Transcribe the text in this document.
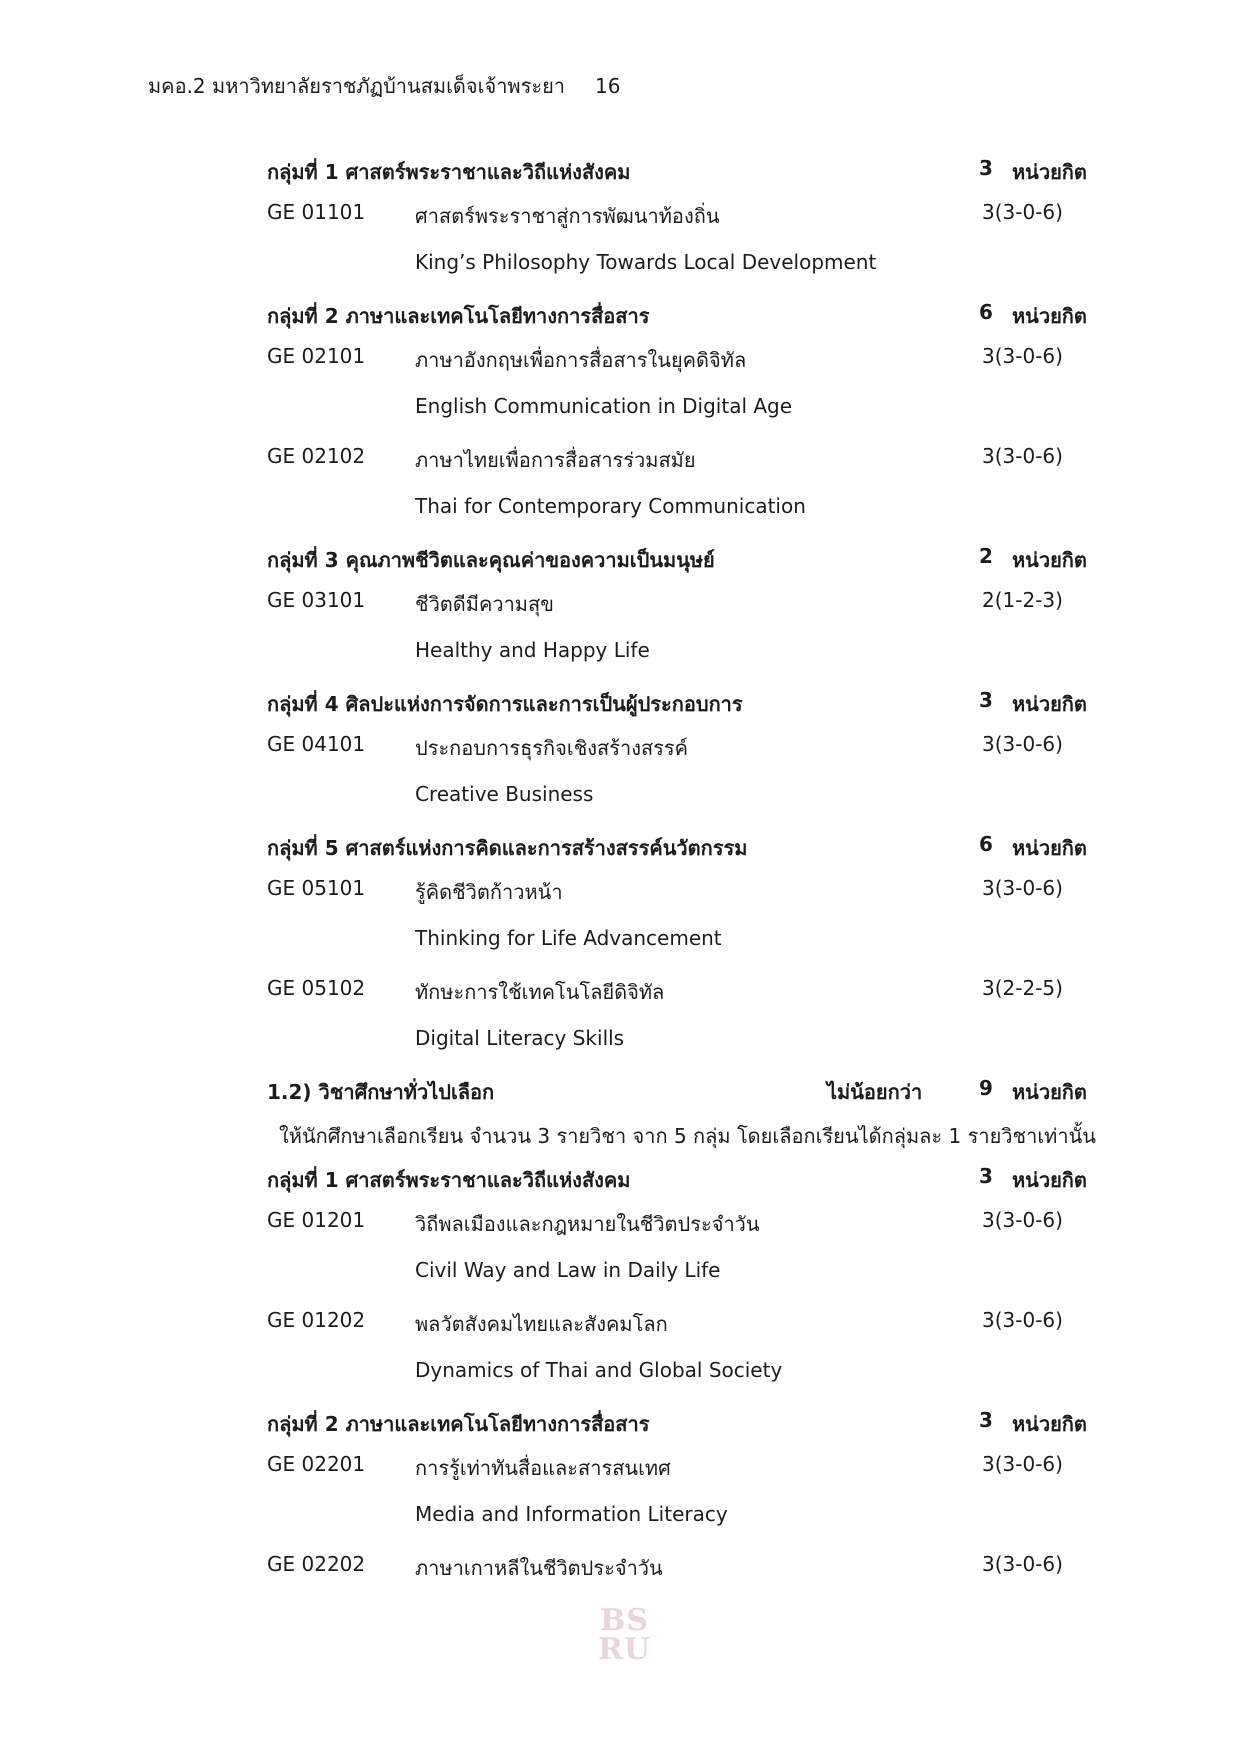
มคอ.2 มหาวิทยาลัยราชภัฏบ้านสมเด็จเจ้าพระยา 16
กลุ่มที่ 1 ศาสตร์พระราชาและวิถีแห่งสังคม	3 หน่วยกิต
GE 01101 ศาสตร์พระราชาสู่การพัฒนาท้องถิ่น	3(3-0-6)
King’s Philosophy Towards Local Development
กลุ่มที่ 2 ภาษาและเทคโนโลยีทางการสื่อสาร	6 หน่วยกิต
GE 02101 ภาษาอังกฤษเพื่อการสื่อสารในยุคดิจิทัล	3(3-0-6)
English Communication in Digital Age
GE 02102 ภาษาไทยเพื่อการสื่อสารร่วมสมัย	3(3-0-6)
Thai for Contemporary Communication
กลุ่มที่ 3 คุณภาพชีวิตและคุณค่าของความเป็นมนุษย์	2 หน่วยกิต
GE 03101 ชีวิตดีมีความสุข	2(1-2-3)
Healthy and Happy Life
กลุ่มที่ 4 ศิลปะแห่งการจัดการและการเป็นผู้ประกอบการ	3 หน่วยกิต
GE 04101 ประกอบการธุรกิจเชิงสร้างสรรค์	3(3-0-6)
Creative Business
กลุ่มที่ 5 ศาสตร์แห่งการคิดและการสร้างสรรค์นวัตกรรม	6 หน่วยกิต
GE 05101 รู้คิดชีวิตก้าวหน้า	3(3-0-6)
Thinking for Life Advancement
GE 05102 ทักษะการใช้เทคโนโลยีดิจิทัล	3(2-2-5)
Digital Literacy Skills
1.2) วิชาศึกษาทั่วไปเลือก	ไม่น้อยกว่า	9 หน่วยกิต
ให้นักศึกษาเลือกเรียน จำนวน 3 รายวิชา จาก 5 กลุ่ม โดยเลือกเรียนได้กลุ่มละ 1 รายวิชาเท่านั้น
กลุ่มที่ 1 ศาสตร์พระราชาและวิถีแห่งสังคม	3 หน่วยกิต
GE 01201 วิถีพลเมืองและกฎหมายในชีวิตประจำวัน	3(3-0-6)
Civil Way and Law in Daily Life
GE 01202 พลวัตสังคมไทยและสังคมโลก	3(3-0-6)
Dynamics of Thai and Global Society
กลุ่มที่ 2 ภาษาและเทคโนโลยีทางการสื่อสาร	3 หน่วยกิต
GE 02201 การรู้เท่าทันสื่อและสารสนเทศ	3(3-0-6)
Media and Information Literacy
GE 02202 ภาษาเกาหลีในชีวิตประจำวัน	3(3-0-6)
BS
RU
